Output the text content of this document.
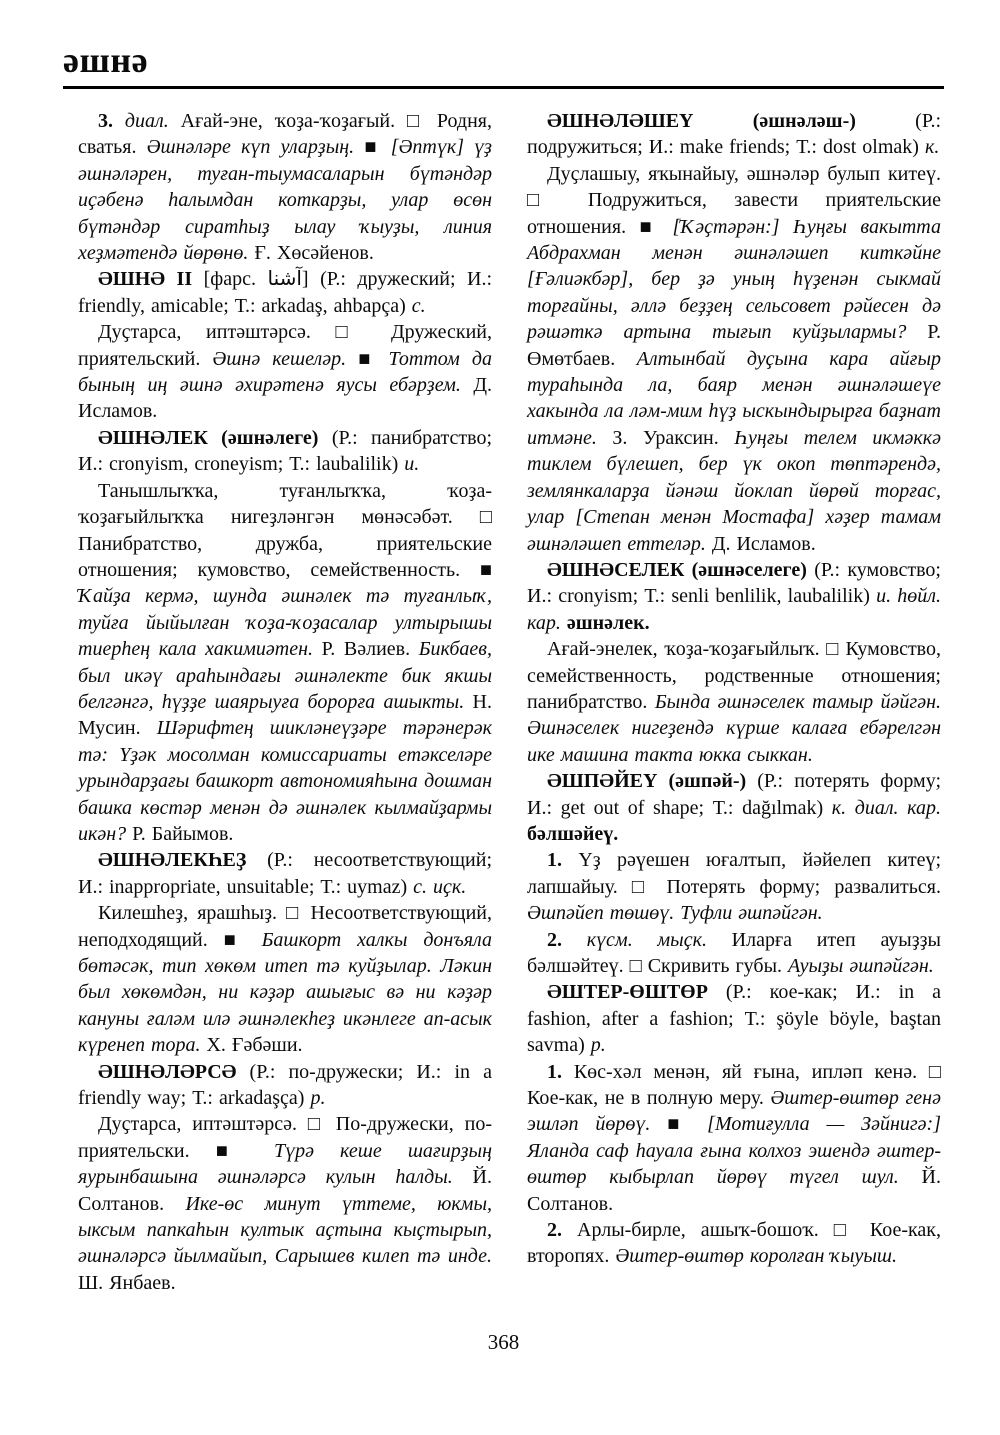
әшнә

3. диал. Ағай-эне, ҡоҙа-ҡоҙағый. □ Родня, сватья. Әшнәләре күп уларҙың. ■ [Әптүк] үҙ әшнәләрен, туған-тыумасаларын бүтәндәр иҫәбенә һалымдан коткарҙы, улар өсөн бүтәндәр сиратһыҙ ылау ҡыуҙы, линия хеҙмәтендә йөрөнө. Ғ. Хөсәйенов.

ӘШНӘ II [фарс. آشنا] (Р.: дружеский; И.: friendly, amicable; Т.: arkadaş, ahbapça) с.

Дуҫтарса, иптәштәрсә. □ Дружеский, приятельский. Әшнә кешеләр. ■ Тоттом да бының иң әшнә әхирәтенә яусы ебәрҙем. Д. Исламов.

ӘШНӘЛЕК (әшнәлеге) (Р.: панибратство; И.: cronyism, croneyism; Т.: laubalilik) и.

Танышлыҡҡа, туғанлыҡҡа, ҡоҙа-ҡоҙағыйлыҡҡа нигеҙләнгән мөнәсәбәт. □ Панибратство, дружба, приятельские отношения; кумовство, семейственность. ■ Ҡайҙа кермә, шунда әшнәлек тә туғанлыҡ, туйға йыйылған ҡоҙа-ҡоҙасалар ултырышы тиерһең кала хакимиәтен. Р. Вәлиев. Бикбаев, был икәү араһындағы әшнәлекте бик якшы белгәнгә, һүҙҙе шаярыуға борорға ашыкты. Н. Мусин. Шәрифтең шикләнеүҙәре тәрәнерәк тә: Үҙәк мосолман комиссариаты етәкселәре урындарҙағы башкорт автономияһына дошман башка көстәр менән дә әшнәлек кылмайҙармы икән? Р. Байымов.

ӘШНӘЛЕКҺЕҘ (Р.: несоответствующий; И.: inappropriate, unsuitable; Т.: uymaz) с. иҫк.

Килешһеҙ, ярашһыҙ. □ Несоответствующий, неподходящий. ■ Башкорт халкы донъяла бөтәсәк, тип хөкөм итеп тә куйҙылар. Ләкин был хөкөмдән, ни кәҙәр ашығыс вә ни кәҙәр кануны ғаләм илә әшнәлекһеҙ икәнлеге ап-асык күренеп тора. X. Ғәбәши.

ӘШНӘЛӘРСӘ (Р.: по-дружески; И.: in a friendly way; Т.: arkadaşça) р.

Дуҫтарса, иптәштәрсә. □ По-дружески, по-приятельски. ■ Түрә кеше шағирҙың яурынбашына әшнәләрсә кулын һалды. Й. Солтанов. Ике-өс минут үттеме, юкмы, ыксым папкаһын култык аҫтына кыҫтырып, әшнәләрсә йылмайып, Сарышев килеп тә инде. Ш. Янбаев.

ӘШНӘЛӘШЕҮ (әшнәләш-) (Р.: подружиться; И.: make friends; Т.: dost olmak) к.

Дуҫлашыу, яҡынайыу, әшнәләр булып китеү. □ Подружиться, завести приятельские отношения. ■ [Ҡәҫтәрән:] Һуңғы вакытта Абдрахман менән әшнәләшеп киткәйне [Ғәлиәкбәр], бер ҙә уның һүҙенән сыкмай торғайны, әллә беҙҙең сельсовет рәйесен дә рәшәткә артына тығып куйҙылармы? Р. Өмөтбаев. Алтынбай дуҫына кара айғыр тураһында ла, баяр менән әшнәләшеүе хакында ла ләм-мим һүҙ ыскындырырға баҙнат итмәне. З. Ураксин. Һуңғы телем икмәккә тиклем бүлешеп, бер үк окоп төптәрендә, землянкаларҙа йәнәш йоклап йөрөй торғас, улар [Степан менән Мостафа] хәҙер тамам әшнәләшеп еттеләр. Д. Исламов.

ӘШНӘСЕЛЕК (әшнәселеге) (Р.: кумовство; И.: cronyism; Т.: senli benlilik, laubalilik) и. һөйл. кар. әшнәлек.

Ағай-энелек, ҡоҙа-ҡоҙағыйлыҡ. □ Кумовство, семейственность, родственные отношения; панибратство. Бында әшнәселек тамыр йәйгән. Әшнәселек нигеҙендә күрше калаға ебәрелгән ике машина такта юкка сыккан.

ӘШПӘЙЕҮ (әшпәй-) (Р.: потерять форму; И.: get out of shape; Т.: dağılmak) к. диал. кар. бәлшәйеү.

1. Үҙ рәүешен юғалтып, йәйелеп китеү; лапшайыу. □ Потерять форму; развалиться. Әшпәйеп төшөү. Туфли әшпәйгән.

2. күсм. мыҫк. Иларға итеп ауыҙҙы бәлшәйтеү. □ Скривить губы. Ауыҙы әшпәйгән.

ӘШТЕР-ӨШТӨР (Р.: кое-как; И.: in a fashion, after a fashion; Т.: şöyle böyle, baştan savma) р.

1. Көс-хәл менән, яй ғына, ипләп кенә. □ Кое-как, не в полную меру. Әштер-өштөр генә эшләп йөрөү. ■ [Мотиғулла — Зәйнигә:] Яланда саф һауала ғына колхоз эшендә әштер-өштөр кыбырлап йөрөү түгел шул. Й. Солтанов.

2. Арлы-бирле, ашыҡ-бошоҡ. □ Кое-как, второпях. Әштер-өштөр королған ҡыуыш.

368
